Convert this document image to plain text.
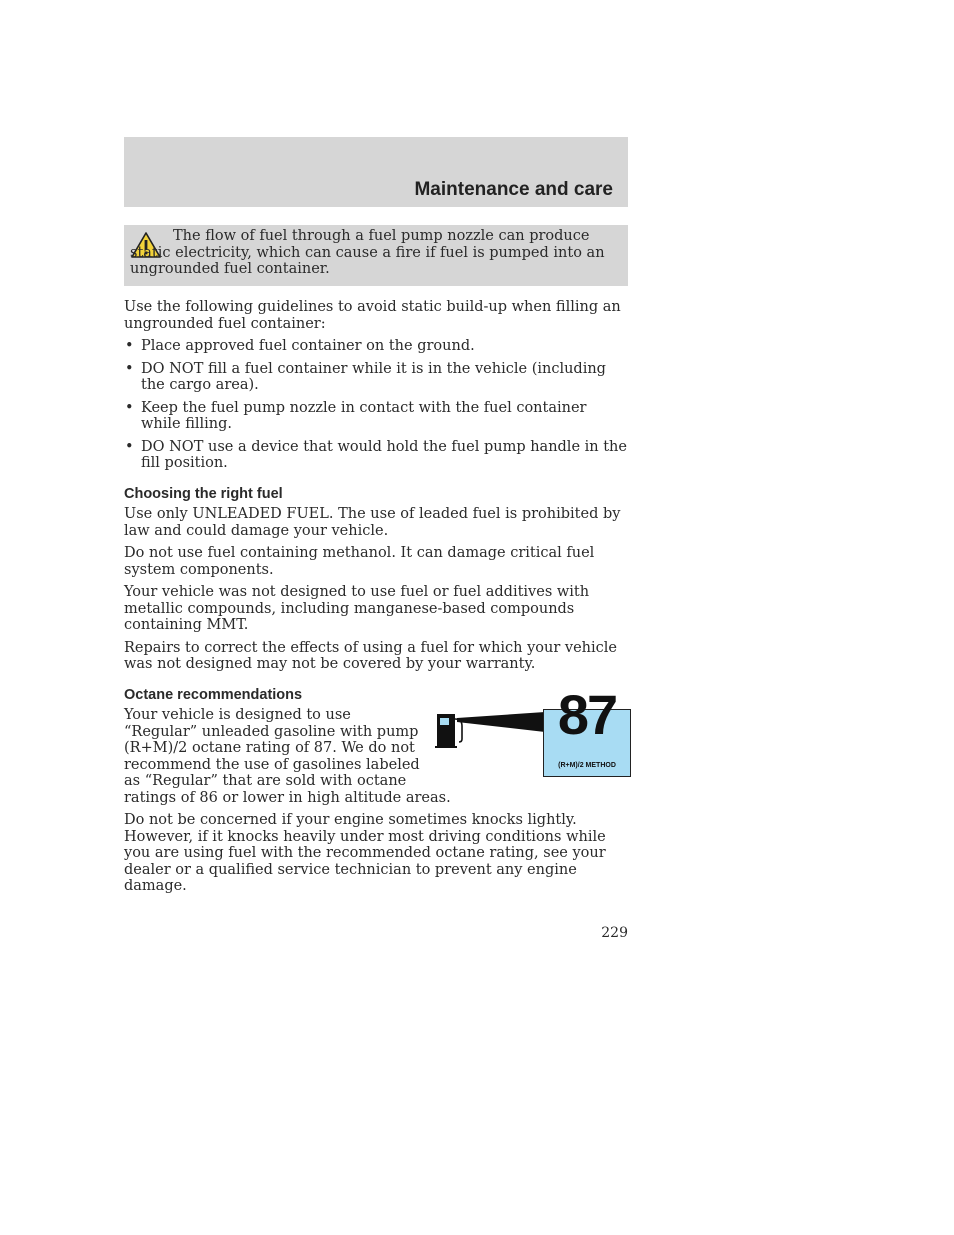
Maintenance and care

The flow of fuel through a fuel pump nozzle can produce static electricity, which can cause a fire if fuel is pumped into an ungrounded fuel container.

Use the following guidelines to avoid static build-up when filling an ungrounded fuel container:

• Place approved fuel container on the ground.
• DO NOT fill a fuel container while it is in the vehicle (including the cargo area).
• Keep the fuel pump nozzle in contact with the fuel container while filling.
• DO NOT use a device that would hold the fuel pump handle in the fill position.
Choosing the right fuel

Use only UNLEADED FUEL. The use of leaded fuel is prohibited by law and could damage your vehicle.

Do not use fuel containing methanol. It can damage critical fuel system components.

Your vehicle was not designed to use fuel or fuel additives with metallic compounds, including manganese-based compounds containing MMT.

Repairs to correct the effects of using a fuel for which your vehicle was not designed may not be covered by your warranty.

Octane recommendations	87
(R+M)/2 METHOD

Your vehicle is designed to use “Regular” unleaded gasoline with pump (R+M)/2 octane rating of 87. We do not recommend the use of gasolines labeled as “Regular” that are sold with octane ratings of 86 or lower in high altitude areas.

Do not be concerned if your engine sometimes knocks lightly. However, if it knocks heavily under most driving conditions while you are using fuel with the recommended octane rating, see your dealer or a qualified service technician to prevent any engine damage.

229
